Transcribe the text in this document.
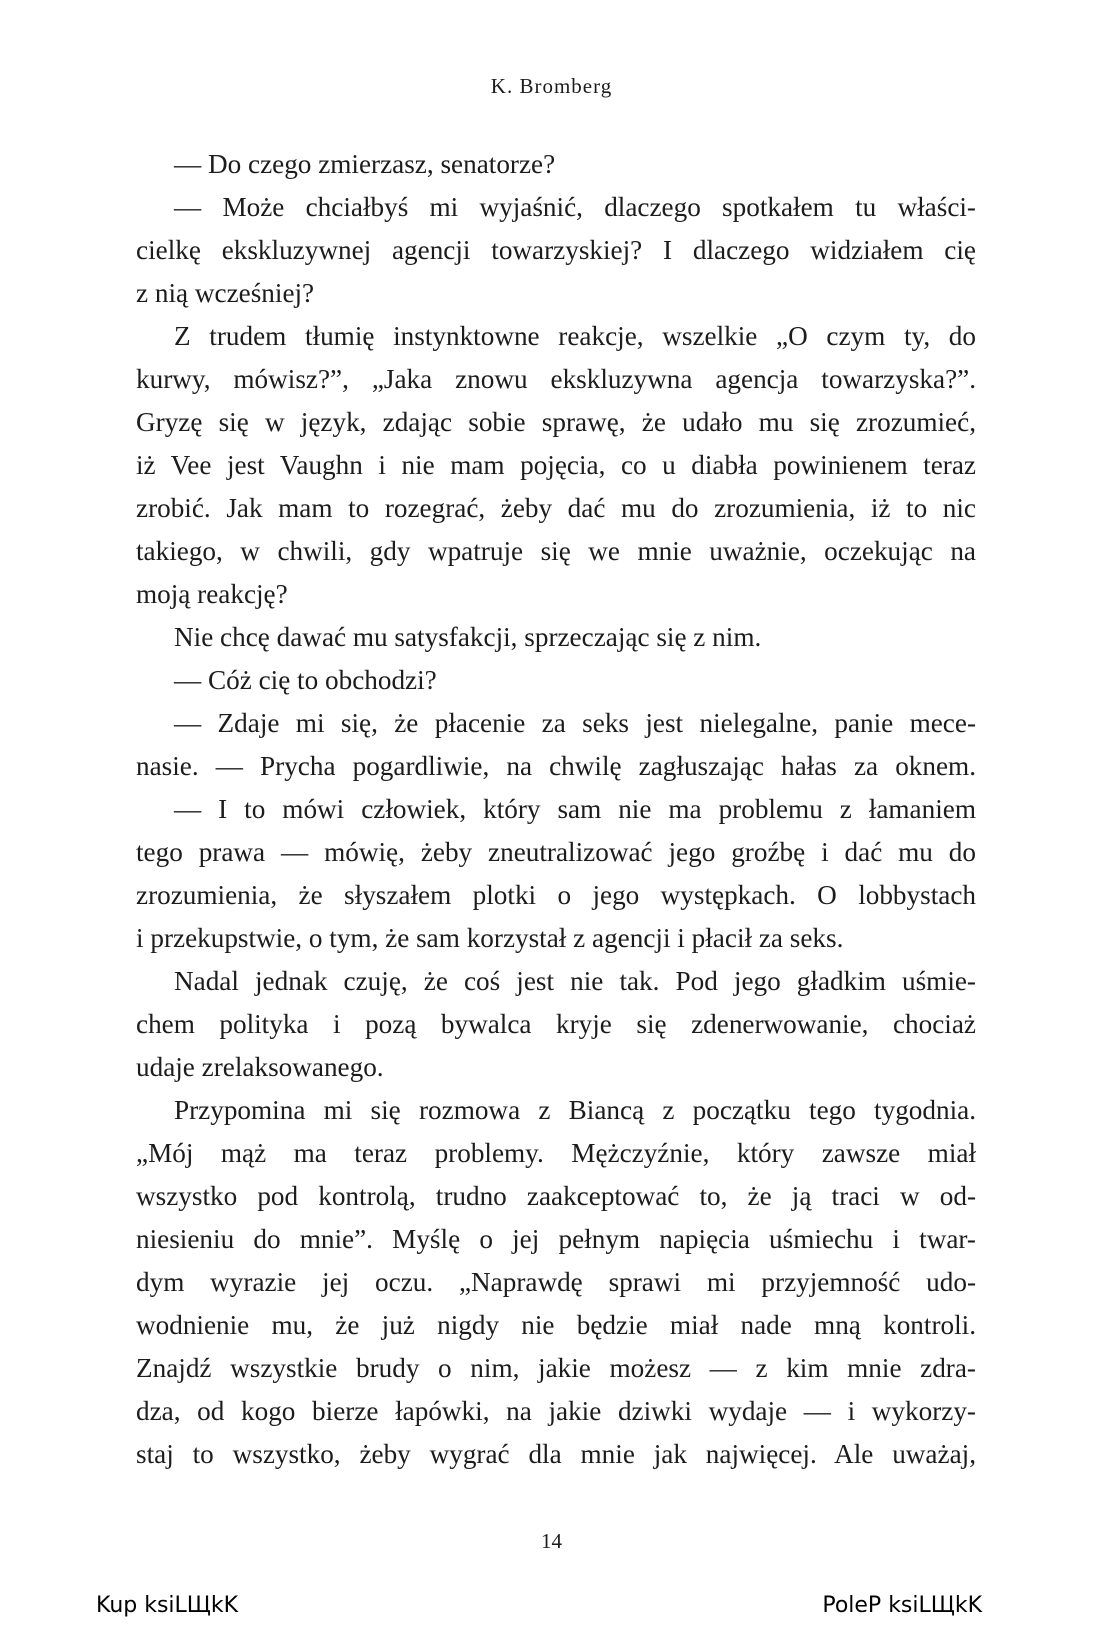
K. Bromberg
— Do czego zmierzasz, senatorze?
— Może chciałbyś mi wyjaśnić, dlaczego spotkałem tu właści-
cielkę ekskluzywnej agencji towarzyskiej? I dlaczego widziałem cię
z nią wcześniej?
Z trudem tłumię instynktowne reakcje, wszelkie „O czym ty, do
kurwy, mówisz?”, „Jaka znowu ekskluzywna agencja towarzyska?”.
Gryzę się w język, zdając sobie sprawę, że udało mu się zrozumieć,
iż Vee jest Vaughn i nie mam pojęcia, co u diabła powinienem teraz
zrobić. Jak mam to rozegrać, żeby dać mu do zrozumienia, iż to nic
takiego, w chwili, gdy wpatruje się we mnie uważnie, oczekując na
moją reakcję?
Nie chcę dawać mu satysfakcji, sprzeczając się z nim.
— Cóż cię to obchodzi?
— Zdaje mi się, że płacenie za seks jest nielegalne, panie mece-
nasie. — Prycha pogardliwie, na chwilę zagłuszając hałas za oknem.
— I to mówi człowiek, który sam nie ma problemu z łamaniem
tego prawa — mówię, żeby zneutralizować jego groźbę i dać mu do
zrozumienia, że słyszałem plotki o jego występkach. O lobbystach
i przekupstwie, o tym, że sam korzystał z agencji i płacił za seks.
Nadal jednak czuję, że coś jest nie tak. Pod jego gładkim uśmie-
chem polityka i pozą bywalca kryje się zdenerwowanie, chociaż
udaje zrelaksowanego.
Przypomina mi się rozmowa z Biancą z początku tego tygodnia.
„Mój mąż ma teraz problemy. Mężczyźnie, który zawsze miał
wszystko pod kontrolą, trudno zaakceptować to, że ją traci w od-
niesieniu do mnie”. Myślę o jej pełnym napięcia uśmiechu i twar-
dym wyrazie jej oczu. „Naprawdę sprawi mi przyjemność udo-
wodnienie mu, że już nigdy nie będzie miał nade mną kontroli.
Znajdź wszystkie brudy o nim, jakie możesz — z kim mnie zdra-
dza, od kogo bierze łapówki, na jakie dziwki wydaje — i wykorzy-
staj to wszystko, żeby wygrać dla mnie jak najwięcej. Ale uważaj,
14
Kup ksiLЩkK	PoleP ksiLЩkK
